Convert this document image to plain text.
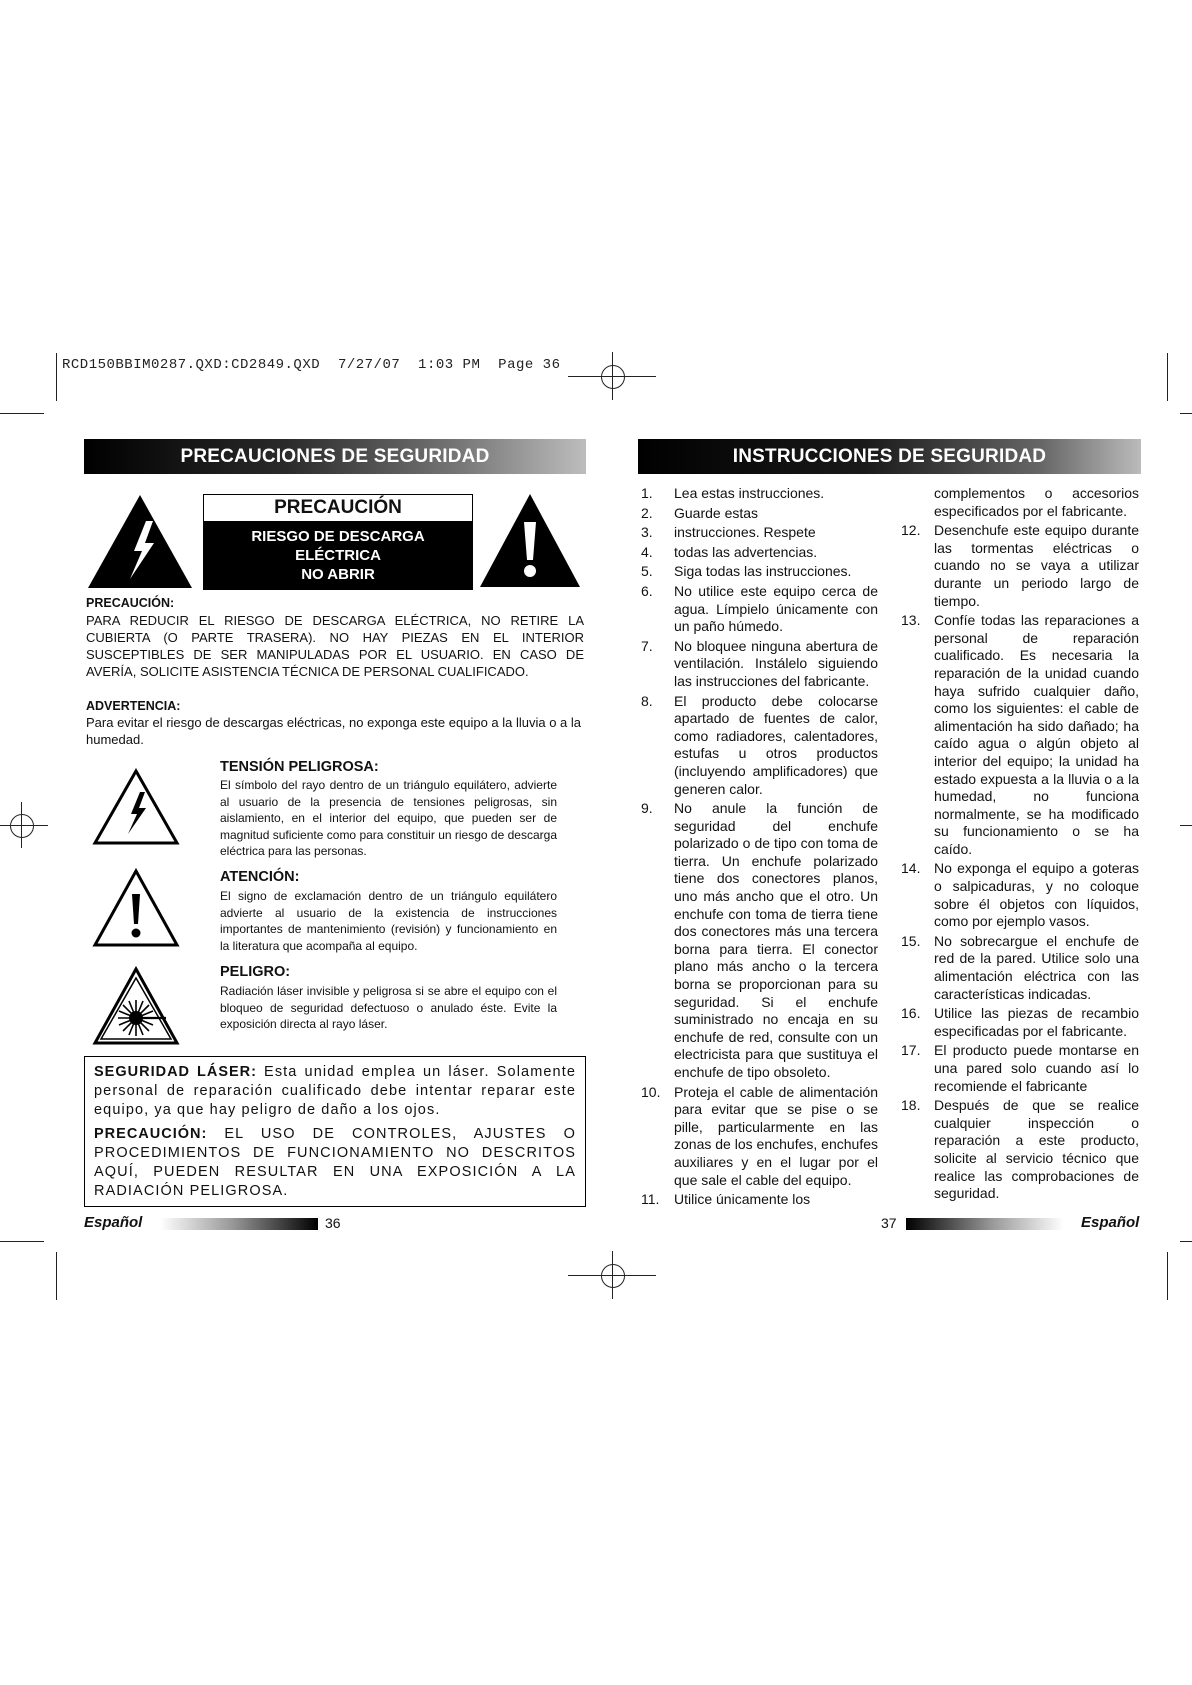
RCD150BBIM0287.QXD:CD2849.QXD  7/27/07  1:03 PM  Page 36
PRECAUCIONES DE SEGURIDAD
PRECAUCIÓN
RIESGO DE DESCARGA
ELÉCTRICA
NO ABRIR
PRECAUCIÓN:
PARA REDUCIR EL RIESGO DE DESCARGA ELÉCTRICA, NO RETIRE LA CUBIERTA (O PARTE TRASERA). NO HAY PIEZAS EN EL INTERIOR SUSCEPTIBLES DE SER MANIPULADAS POR EL USUARIO. EN CASO DE AVERÍA, SOLICITE ASISTENCIA TÉCNICA DE PERSONAL CUALIFICADO.
ADVERTENCIA:
Para evitar el riesgo de descargas eléctricas, no exponga este equipo a la lluvia o a la humedad.
TENSIÓN PELIGROSA:
El símbolo del rayo dentro de un triángulo equilátero, advierte al usuario de la presencia de tensiones peligrosas, sin aislamiento, en el interior del equipo, que pueden ser de magnitud suficiente como para constituir un riesgo de descarga eléctrica para las personas.
ATENCIÓN:
El signo de exclamación dentro de un triángulo equilátero advierte al usuario de la existencia de instrucciones importantes de mantenimiento (revisión) y funcionamiento en la literatura que acompaña al equipo.
PELIGRO:
Radiación láser invisible y peligrosa si se abre el equipo con el bloqueo de seguridad defectuoso o anulado éste. Evite la exposición directa al rayo láser.

SEGURIDAD LÁSER: Esta unidad emplea un láser. Solamente personal de reparación cualificado debe intentar reparar este equipo, ya que hay peligro de daño a los ojos.

PRECAUCIÓN: EL USO DE CONTROLES, AJUSTES O PROCEDIMIENTOS DE FUNCIONAMIENTO NO DESCRITOS AQUÍ, PUEDEN RESULTAR EN UNA EXPOSICIÓN A LA RADIACIÓN PELIGROSA.

Español	36
INSTRUCCIONES DE SEGURIDAD
1. Lea estas instrucciones.
2. Guarde estas
3. instrucciones. Respete
4. todas las advertencias.
5. Siga todas las instrucciones.
6. No utilice este equipo cerca de agua. Límpielo únicamente con un paño húmedo.
7. No bloquee ninguna abertura de ventilación. Instálelo siguiendo las instrucciones del fabricante.
8. El producto debe colocarse apartado de fuentes de calor, como radiadores, calentadores, estufas u otros productos (incluyendo amplificadores) que generen calor.
9. No anule la función de seguridad del enchufe polarizado o de tipo con toma de tierra. Un enchufe polarizado tiene dos conectores planos, uno más ancho que el otro. Un enchufe con toma de tierra tiene dos conectores más una tercera borna para tierra. El conector plano más ancho o la tercera borna se proporcionan para su seguridad. Si el enchufe suministrado no encaja en su enchufe de red, consulte con un electricista para que sustituya el enchufe de tipo obsoleto.
10. Proteja el cable de alimentación para evitar que se pise o se pille, particularmente en las zonas de los enchufes, enchufes auxiliares y en el lugar por el que sale el cable del equipo.
11. Utilice únicamente los
complementos o accesorios especificados por el fabricante.
12. Desenchufe este equipo durante las tormentas eléctricas o cuando no se vaya a utilizar durante un periodo largo de tiempo.
13. Confíe todas las reparaciones a personal de reparación cualificado. Es necesaria la reparación de la unidad cuando haya sufrido cualquier daño, como los siguientes: el cable de alimentación ha sido dañado; ha caído agua o algún objeto al interior del equipo; la unidad ha estado expuesta a la lluvia o a la humedad, no funciona normalmente, se ha modificado su funcionamiento o se ha caído.
14. No exponga el equipo a goteras o salpicaduras, y no coloque sobre él objetos con líquidos, como por ejemplo vasos.
15. No sobrecargue el enchufe de red de la pared. Utilice solo una alimentación eléctrica con las características indicadas.
16. Utilice las piezas de recambio especificadas por el fabricante.
17. El producto puede montarse en una pared solo cuando así lo recomiende el fabricante
18. Después de que se realice cualquier inspección o reparación a este producto, solicite al servicio técnico que realice las comprobaciones de seguridad.
37	Español
